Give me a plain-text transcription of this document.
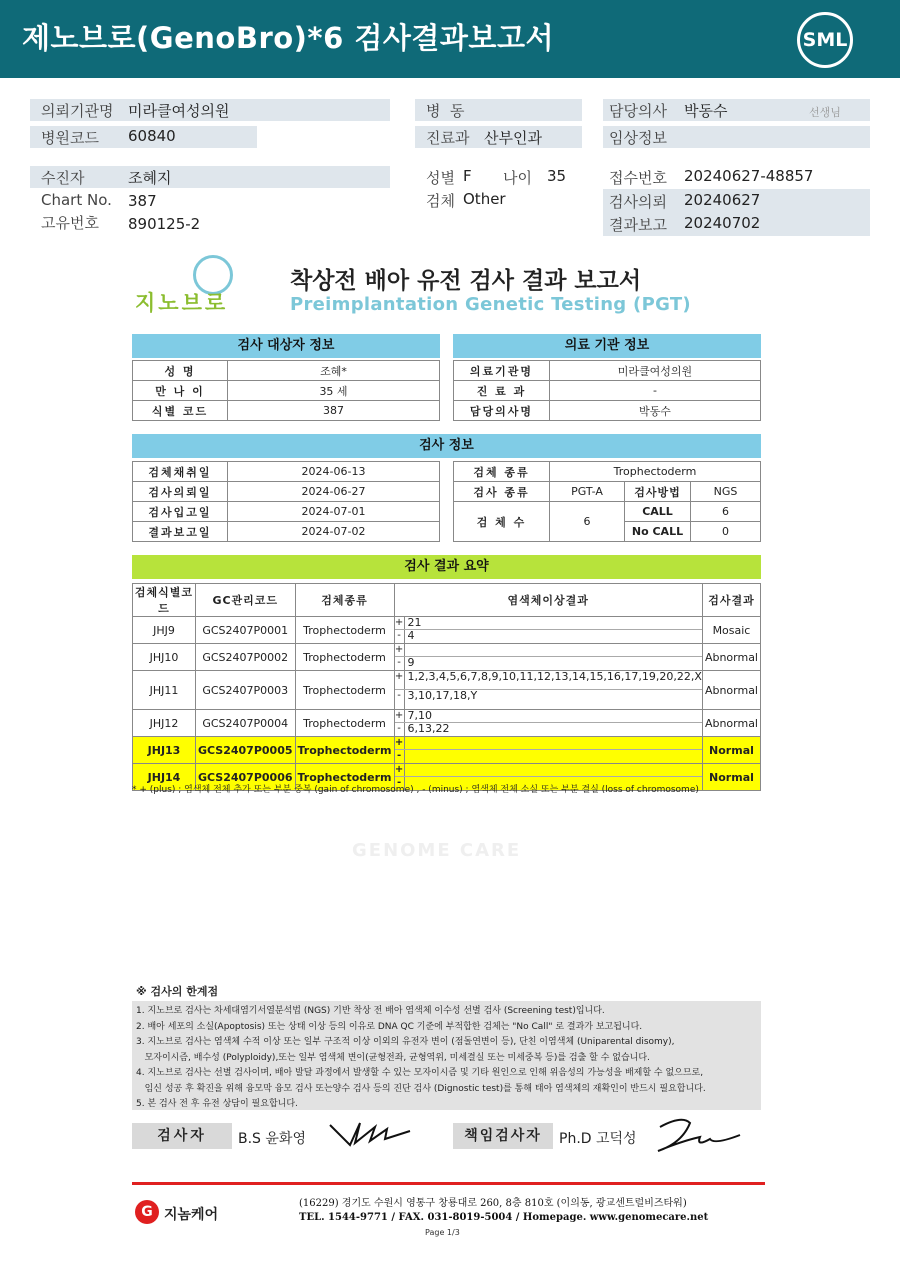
제노브로(GenoBro)*6 검사결과보고서	SML
의뢰기관명 미라클여성의원
병원코드 60840
병  동
진료과 산부인과
담당의사 박동수	선생님
임상정보
수진자	조혜지
Chart No. 387
고유번호 890125-2
성별 F 나이 35
검체 Other
접수번호 20240627-48857
검사의뢰 20240627
결과보고 20240702
지노브로
착상전 배아 유전 검사 결과 보고서
Preimplantation Genetic Testing (PGT)
검사 대상자 정보
성 명	조혜*
만 나 이	35 세
식별 코드	387
의료 기관 정보
의료기관명	미라클여성의원
진 료 과	-
담당의사명	박동수
검사 정보
검체채취일	2024-06-13
검사의뢰일	2024-06-27
검사입고일	2024-07-01
결과보고일	2024-07-02
검체 종류	Trophectoderm		
검사 종류	PGT-A	검사방법	NGS
검 체 수	6	CALL	6
		No CALL	0
검사 결과 요약
검체식별코드	GC관리코드	검체종류	염색체이상결과	검사결과
JHJ9	GCS2407P0001	Trophectoderm	+ 21
- 4	Mosaic
JHJ10	GCS2407P0002	Trophectoderm	+
- 9	Abnormal
JHJ11	GCS2407P0003	Trophectoderm	+ 1,2,3,4,5,6,7,8,9,10,11,12,13,14,15,16,17,19,20,22,X
- 3,10,17,18,Y	Abnormal
JHJ12	GCS2407P0004	Trophectoderm	+ 7,10
- 6,13,22	Abnormal
JHJ13	GCS2407P0005	Trophectoderm	+
-	Normal
JHJ14	GCS2407P0006	Trophectoderm	+
-	Normal
* + (plus) ; 염색체 전체 추가 또는 부분 중복 (gain of chromosome) , - (minus) ; 염색체 전체 소실 또는 부분 결실 (loss of chromosome)
GENOME CARE
※ 검사의 한계점
1. 지노브로 검사는 차세대염기서열분석법 (NGS) 기반 착상 전 배아 염색체 이수성 선별 검사 (Screening test)입니다.
2. 배아 세포의 소실(Apoptosis) 또는 상태 이상 등의 이유로 DNA QC 기준에 부적합한 검체는 "No Call" 로 결과가 보고됩니다.
3. 지노브로 검사는 염색체 수적 이상 또는 일부 구조적 이상 이외의 유전자 변이 (점돌연변이 등), 단친 이염색체 (Uniparental disomy),
모자이시즘, 배수성 (Polyploidy),또는 일부 염색체 변이(균형전좌, 균형역위, 미세결실 또는 미세중복 등)를 검출 할 수 없습니다.
4. 지노브로 검사는 선별 검사이며, 배아 발달 과정에서 발생할 수 있는 모자이시즘 및 기타 원인으로 인해 위음성의 가능성을 배제할 수 없으므로,
임신 성공 후 확진을 위해 융모막 융모 검사 또는양수 검사 등의 진단 검사 (Dignostic test)를 통해 태아 염색체의 재확인이 반드시 필요합니다.
5. 본 검사 전 후 유전 상담이 필요합니다.
검사자	B.S 윤화영	책임검사자	Ph.D 고덕성
G 지놈케어
(16229) 경기도 수원시 영통구 창룡대로 260, 8층 810호 (이의동, 광교센트럴비즈타워)
TEL. 1544-9771 / FAX. 031-8019-5004 / Homepage. www.genomecare.net
Page 1/3
